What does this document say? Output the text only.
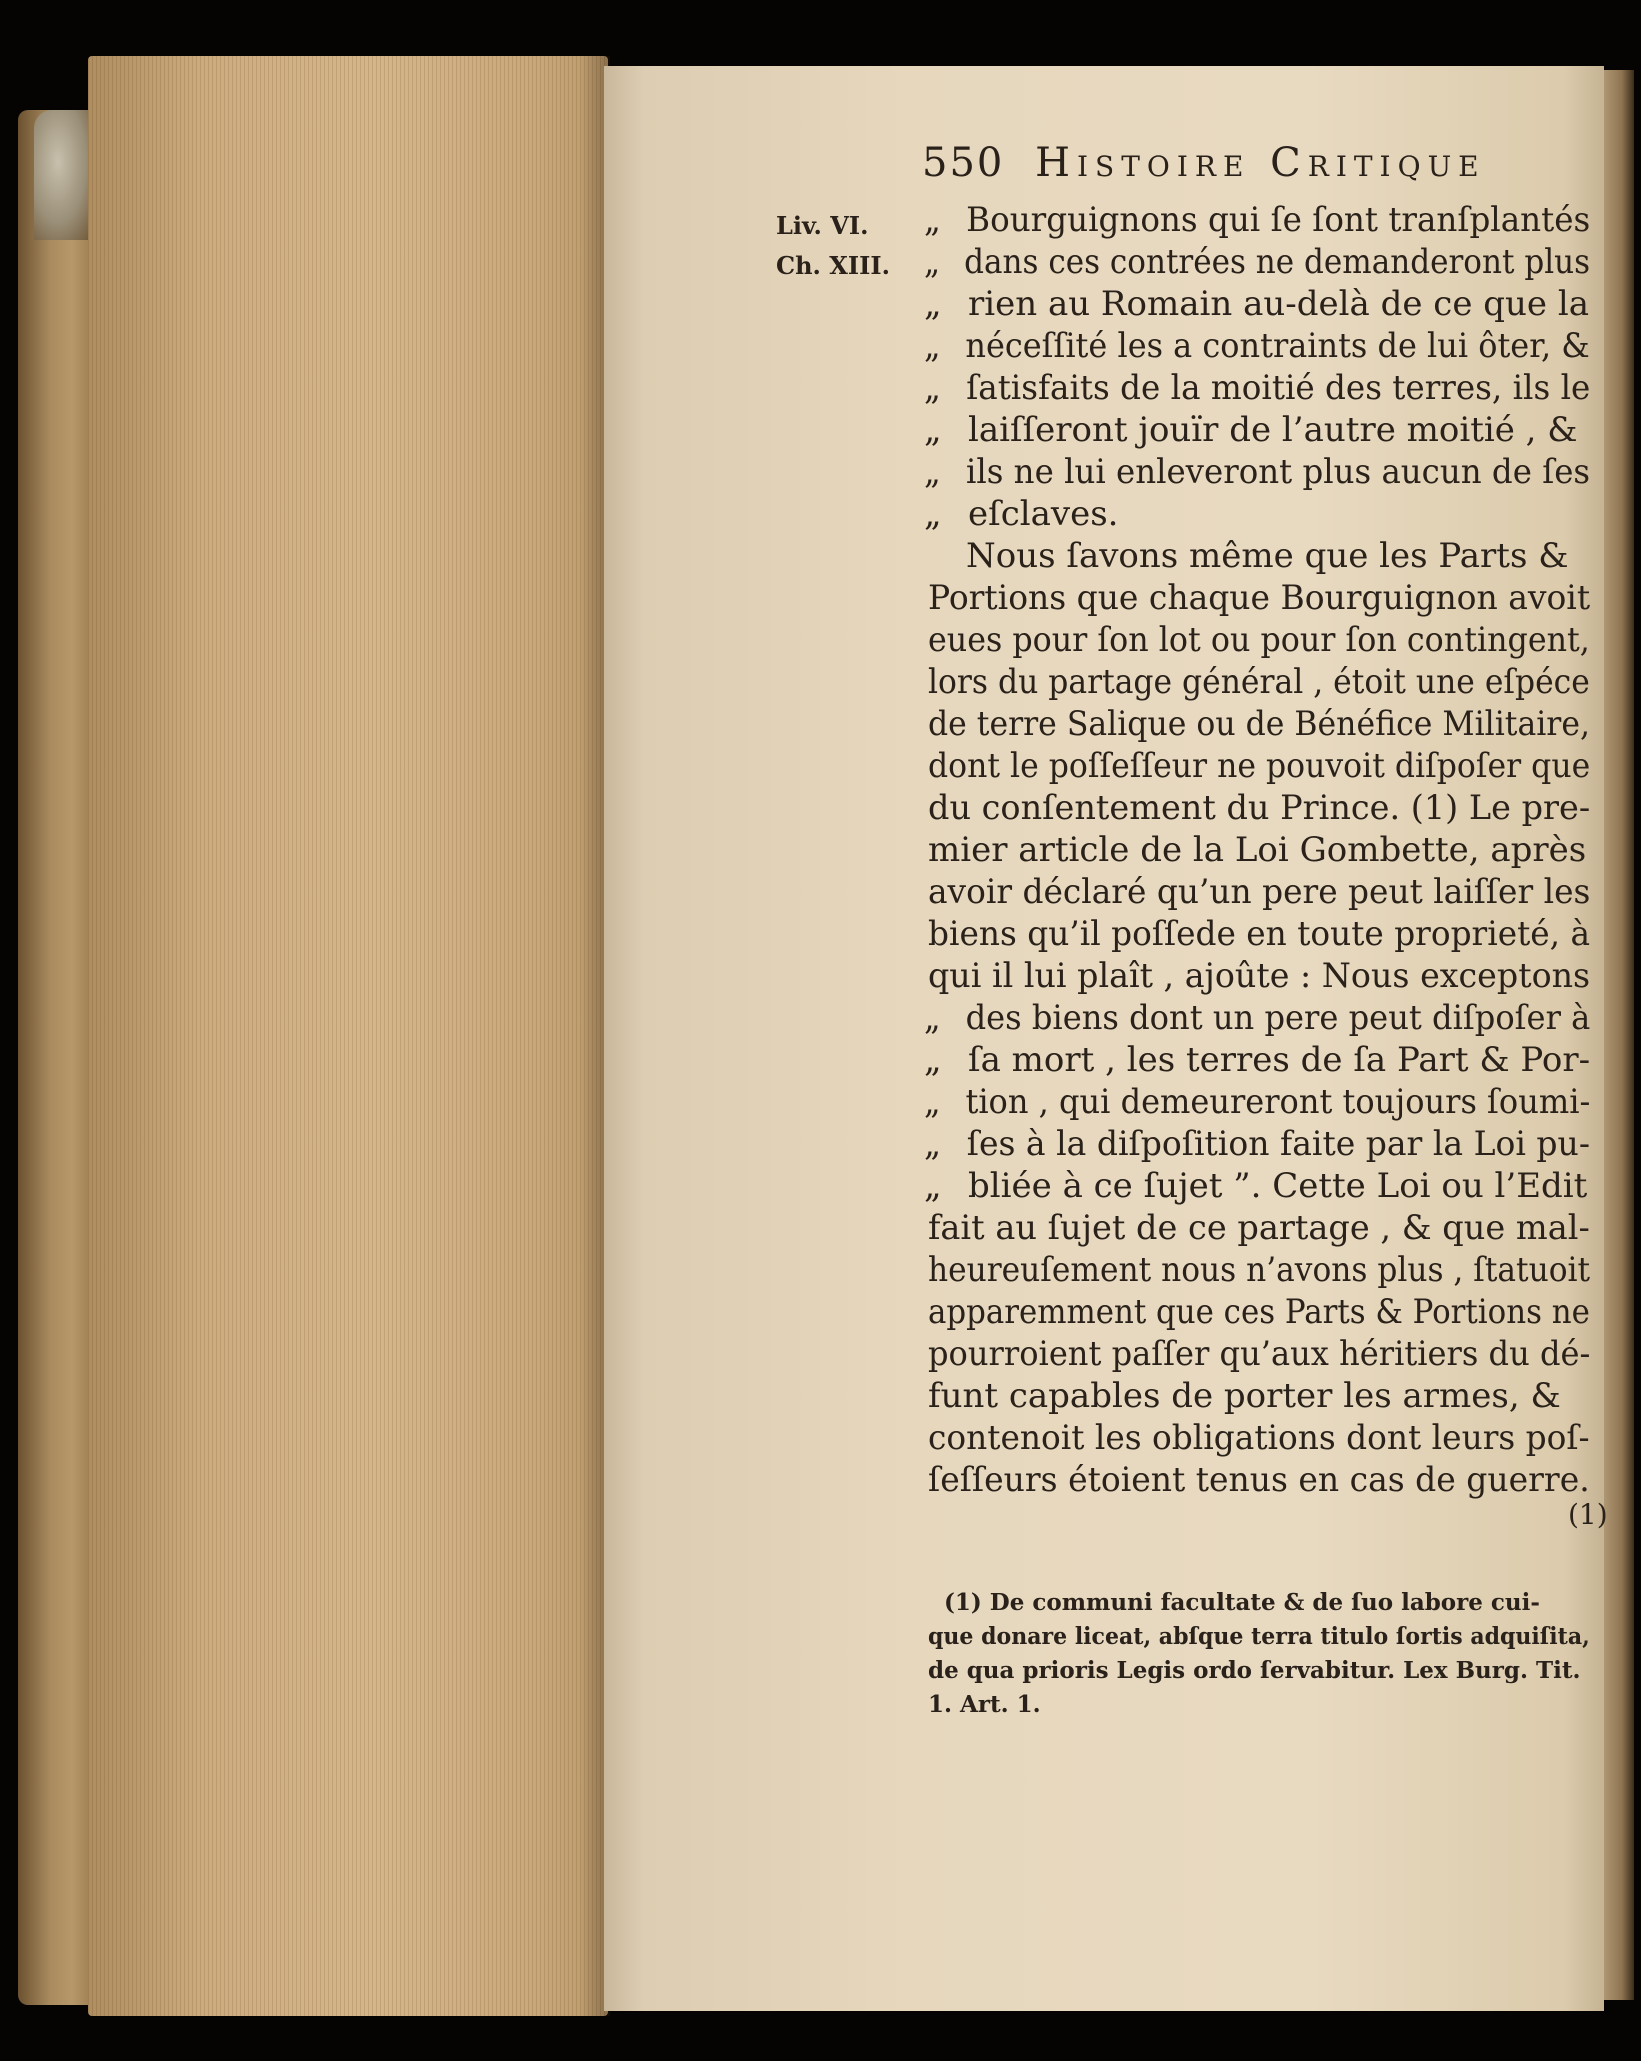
550 Histoire Critique
Liv. VI.
Ch. XIII.
„ Bourguignons qui ſe ſont tranſplantés
„ dans ces contrées ne demanderont plus
„ rien au Romain au-delà de ce que la
„ néceſſité les a contraints de lui ôter, &
„ ſatisfaits de la moitié des terres, ils le
„ laiſſeront jouïr de l’autre moitié , &
„ ils ne lui enleveront plus aucun de ſes
„ eſclaves.
Nous ſavons même que les Parts &
Portions que chaque Bourguignon avoit
eues pour ſon lot ou pour ſon contingent,
lors du partage général , étoit une eſpéce
de terre Salique ou de Bénéfice Militaire,
dont le poſſeſſeur ne pouvoit diſpoſer que
du conſentement du Prince. (1) Le pre-
mier article de la Loi Gombette, après
avoir déclaré qu’un pere peut laiſſer les
biens qu’il poſſede en toute proprieté, à
qui il lui plaît , ajoûte : Nous exceptons
„ des biens dont un pere peut diſpoſer à
„ ſa mort , les terres de ſa Part & Por-
„ tion , qui demeureront toujours ſoumi-
„ ſes à la diſpoſition faite par la Loi pu-
„ bliée à ce ſujet ”. Cette Loi ou l’Edit
fait au ſujet de ce partage , & que mal-
heureuſement nous n’avons plus , ſtatuoit
apparemment que ces Parts & Portions ne
pourroient paſſer qu’aux héritiers du dé-
funt capables de porter les armes, &
contenoit les obligations dont leurs poſ-
ſeſſeurs étoient tenus en cas de guerre.
(1)
(1) De communi facultate & de ſuo labore cui-
que donare liceat, abſque terra titulo ſortis adquiſita,
de qua prioris Legis ordo ſervabitur. Lex Burg. Tit.
1. Art. 1.
